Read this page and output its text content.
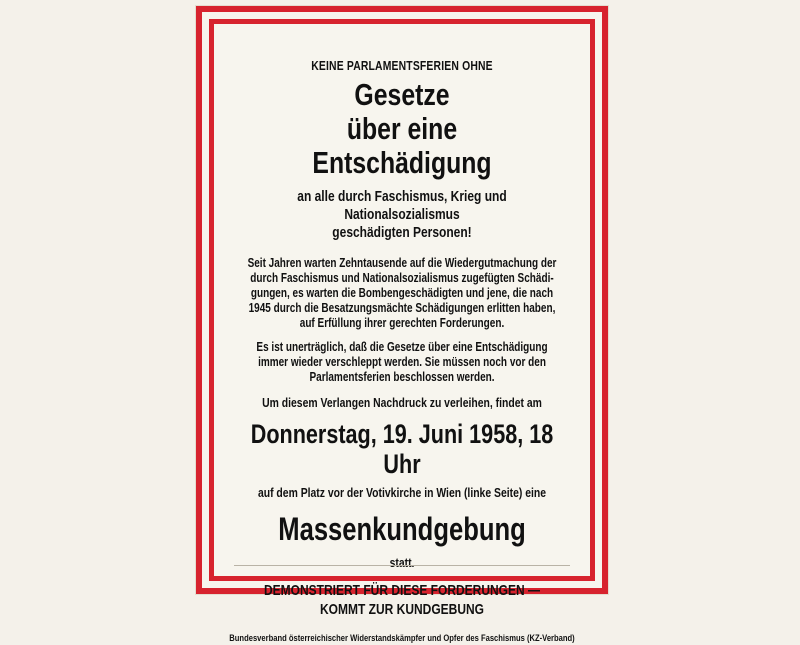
KEINE PARLAMENTSFERIEN OHNE
Gesetze
über eine Entschädigung
an alle durch Faschismus, Krieg und Nationalsozialismus
geschädigten Personen!
Seit Jahren warten Zehntausende auf die Wiedergutmachung der
durch Faschismus und Nationalsozialismus zugefügten Schädi-
gungen, es warten die Bombengeschädigten und jene, die nach
1945 durch die Besatzungsmächte Schädigungen erlitten haben,
auf Erfüllung ihrer gerechten Forderungen.
Es ist unerträglich, daß die Gesetze über eine Entschädigung
immer wieder verschleppt werden. Sie müssen noch vor den
Parlamentsferien beschlossen werden.
Um diesem Verlangen Nachdruck zu verleihen, findet am
Donnerstag, 19. Juni 1958, 18 Uhr
auf dem Platz vor der Votivkirche in Wien (linke Seite) eine
Massenkundgebung
statt.
DEMONSTRIERT FÜR DIESE FORDERUNGEN —
KOMMT ZUR KUNDGEBUNG
Bundesverband österreichischer Widerstandskämpfer und Opfer des Faschismus (KZ-Verband)
